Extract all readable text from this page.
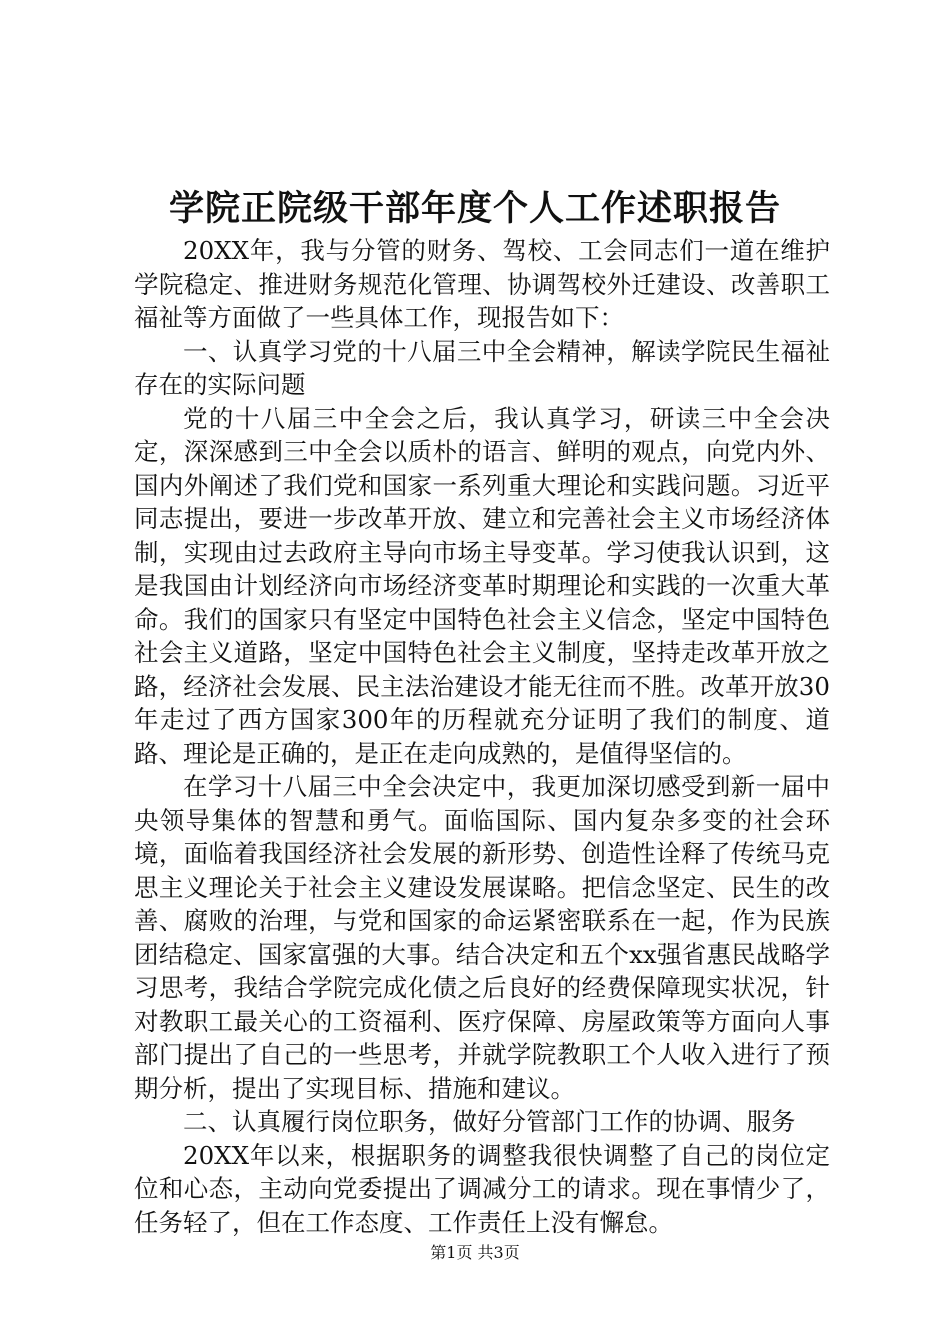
学院正院级干部年度个人工作述职报告

20XX年，我与分管的财务、驾校、工会同志们一道在维护学院稳定、推进财务规范化管理、协调驾校外迁建设、改善职工福祉等方面做了一些具体工作，现报告如下：

一、认真学习党的十八届三中全会精神，解读学院民生福祉存在的实际问题

党的十八届三中全会之后，我认真学习，研读三中全会决定，深深感到三中全会以质朴的语言、鲜明的观点，向党内外、国内外阐述了我们党和国家一系列重大理论和实践问题。习近平同志提出，要进一步改革开放、建立和完善社会主义市场经济体制，实现由过去政府主导向市场主导变革。学习使我认识到，这是我国由计划经济向市场经济变革时期理论和实践的一次重大革命。我们的国家只有坚定中国特色社会主义信念，坚定中国特色社会主义道路，坚定中国特色社会主义制度，坚持走改革开放之路，经济社会发展、民主法治建设才能无往而不胜。改革开放30年走过了西方国家300年的历程就充分证明了我们的制度、道路、理论是正确的，是正在走向成熟的，是值得坚信的。

在学习十八届三中全会决定中，我更加深切感受到新一届中央领导集体的智慧和勇气。面临国际、国内复杂多变的社会环境，面临着我国经济社会发展的新形势、创造性诠释了传统马克思主义理论关于社会主义建设发展谋略。把信念坚定、民生的改善、腐败的治理，与党和国家的命运紧密联系在一起，作为民族团结稳定、国家富强的大事。结合决定和五个xx强省惠民战略学习思考，我结合学院完成化债之后良好的经费保障现实状况，针对教职工最关心的工资福利、医疗保障、房屋政策等方面向人事部门提出了自己的一些思考，并就学院教职工个人收入进行了预期分析，提出了实现目标、措施和建议。

二、认真履行岗位职务，做好分管部门工作的协调、服务

20XX年以来，根据职务的调整我很快调整了自己的岗位定位和心态，主动向党委提出了调减分工的请求。现在事情少了，任务轻了，但在工作态度、工作责任上没有懈怠。

第1页 共3页
